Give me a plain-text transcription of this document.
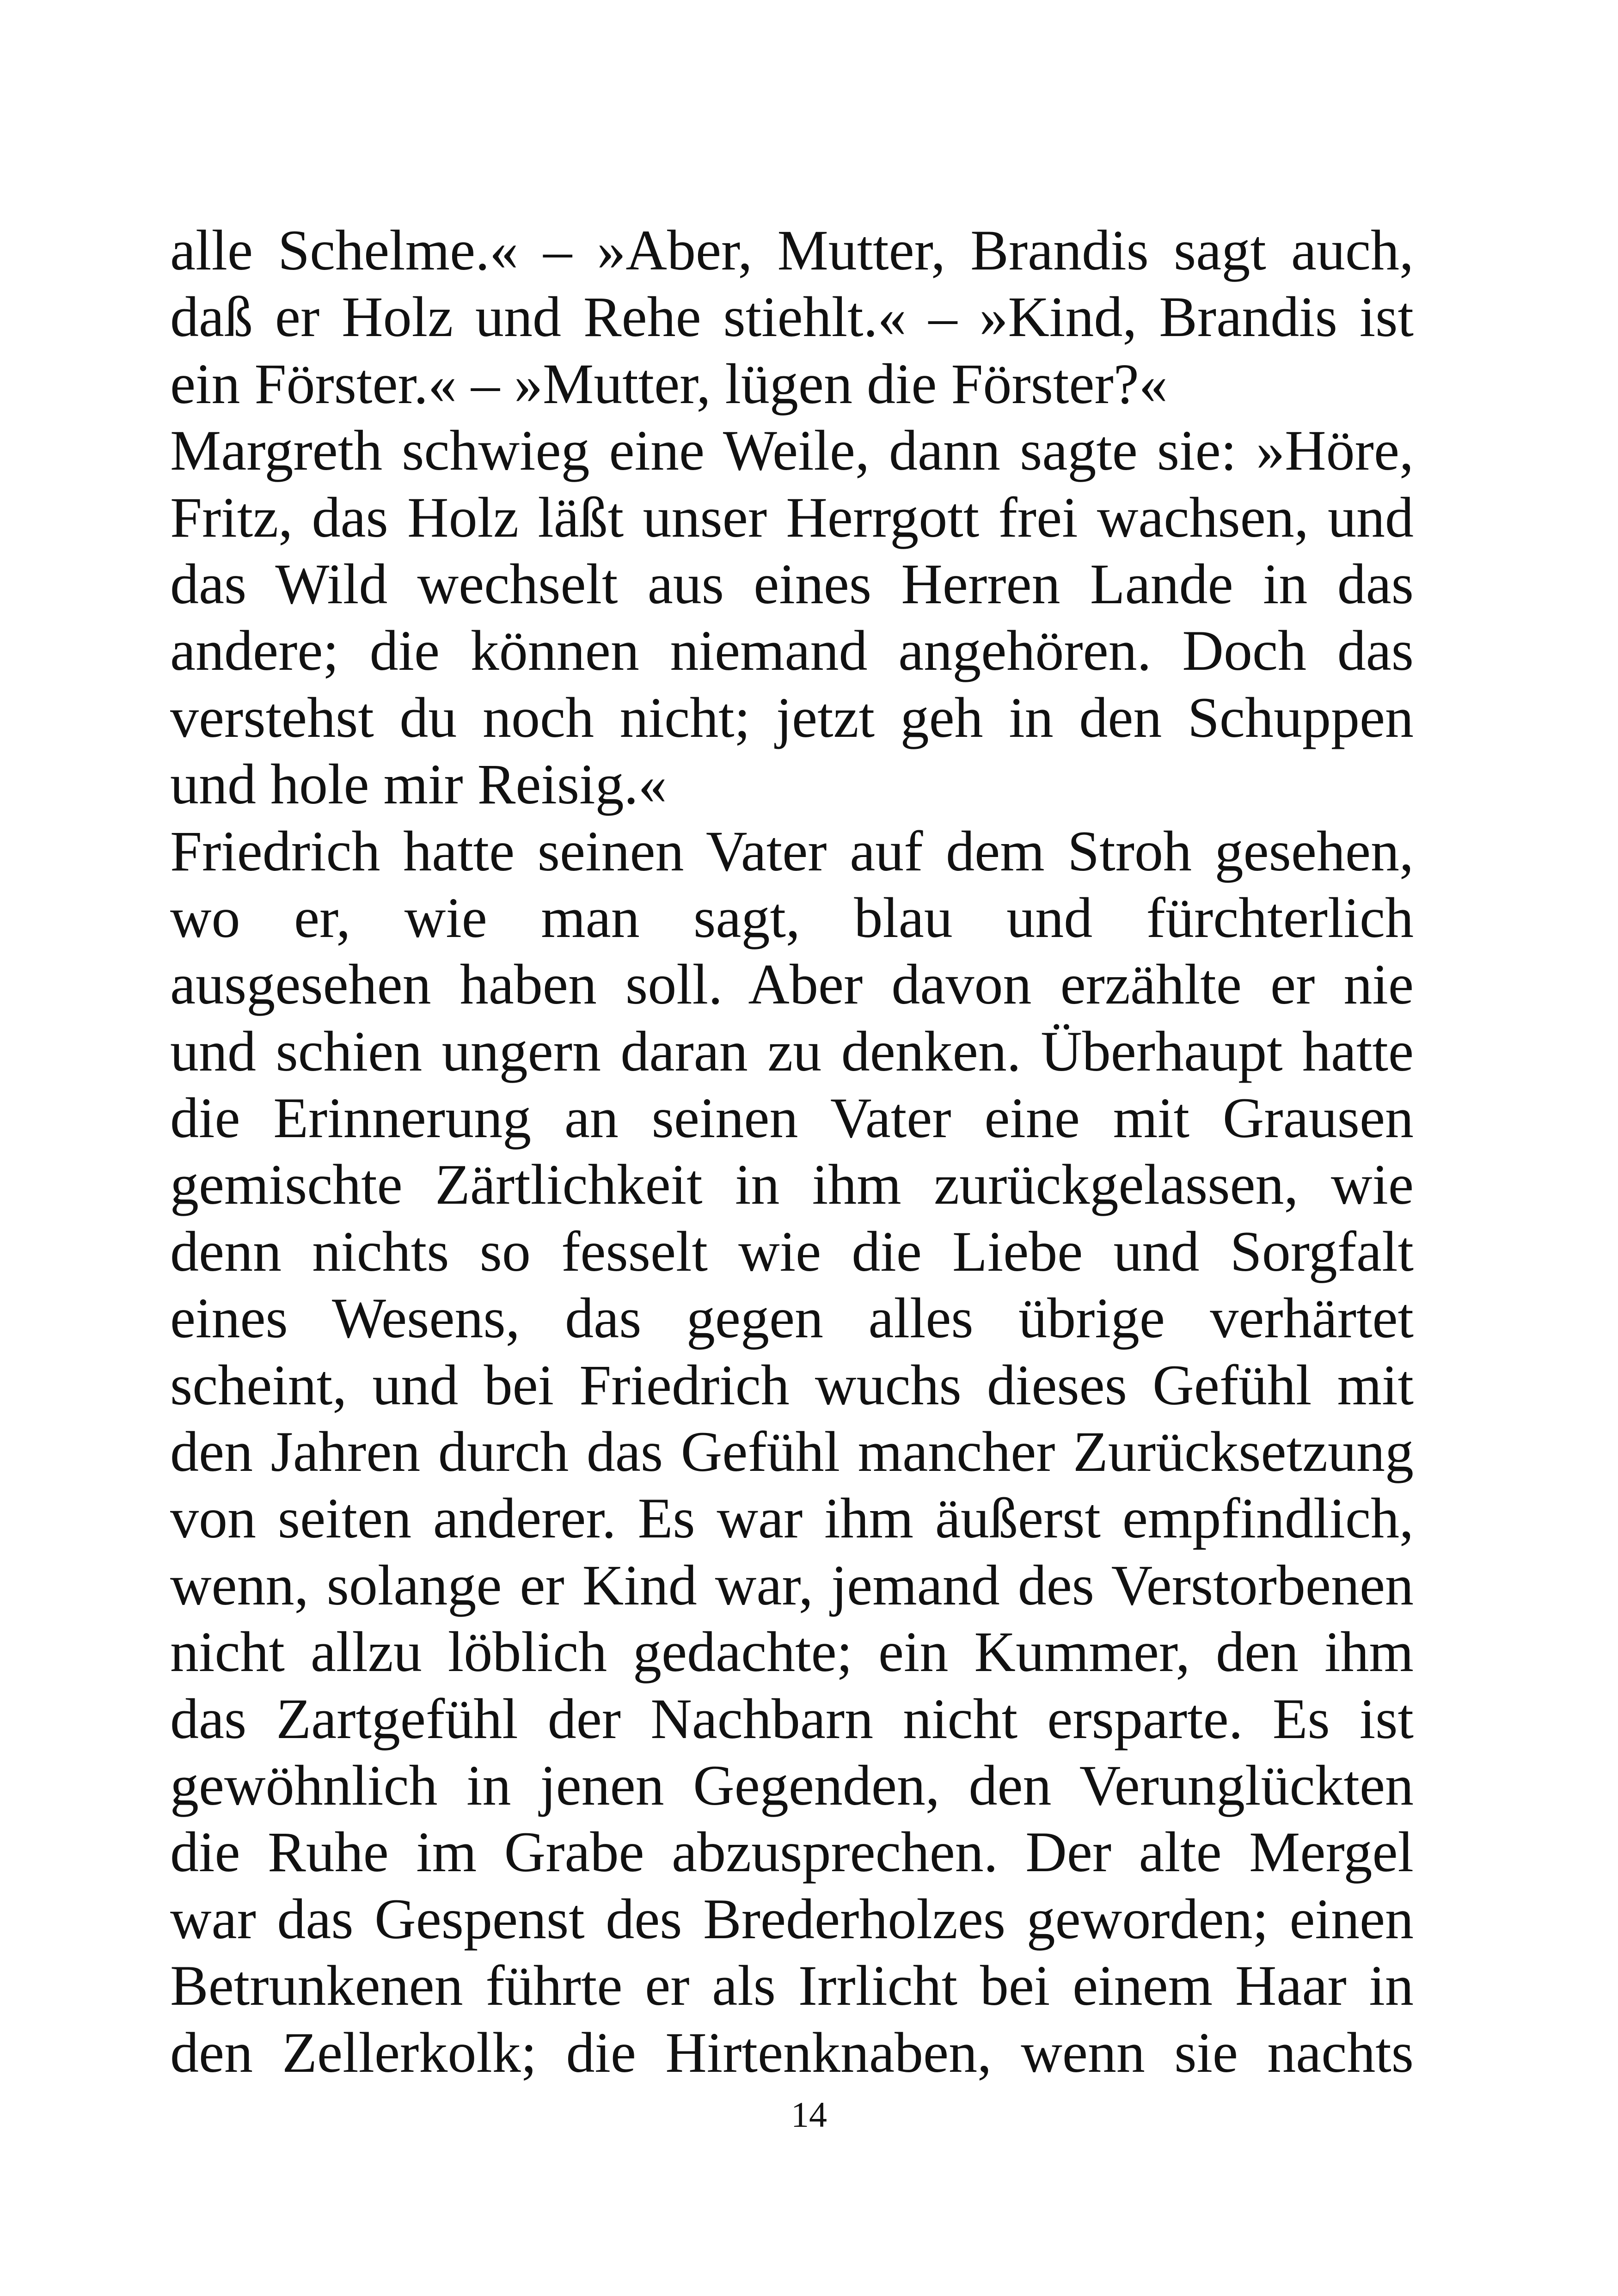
alle Schelme.« – »Aber, Mutter, Brandis sagt auch,
daß er Holz und Rehe stiehlt.« – »Kind, Brandis ist
ein Förster.« – »Mutter, lügen die Förster?«
Margreth schwieg eine Weile, dann sagte sie: »Höre,
Fritz, das Holz läßt unser Herrgott frei wachsen, und
das Wild wechselt aus eines Herren Lande in das
andere; die können niemand angehören. Doch das
verstehst du noch nicht; jetzt geh in den Schuppen
und hole mir Reisig.«
Friedrich hatte seinen Vater auf dem Stroh gesehen,
wo er, wie man sagt, blau und fürchterlich
ausgesehen haben soll. Aber davon erzählte er nie
und schien ungern daran zu denken. Überhaupt hatte
die Erinnerung an seinen Vater eine mit Grausen
gemischte Zärtlichkeit in ihm zurückgelassen, wie
denn nichts so fesselt wie die Liebe und Sorgfalt
eines Wesens, das gegen alles übrige verhärtet
scheint, und bei Friedrich wuchs dieses Gefühl mit
den Jahren durch das Gefühl mancher Zurücksetzung
von seiten anderer. Es war ihm äußerst empfindlich,
wenn, solange er Kind war, jemand des Verstorbenen
nicht allzu löblich gedachte; ein Kummer, den ihm
das Zartgefühl der Nachbarn nicht ersparte. Es ist
gewöhnlich in jenen Gegenden, den Verunglückten
die Ruhe im Grabe abzusprechen. Der alte Mergel
war das Gespenst des Brederholzes geworden; einen
Betrunkenen führte er als Irrlicht bei einem Haar in
den Zellerkolk; die Hirtenknaben, wenn sie nachts
14
